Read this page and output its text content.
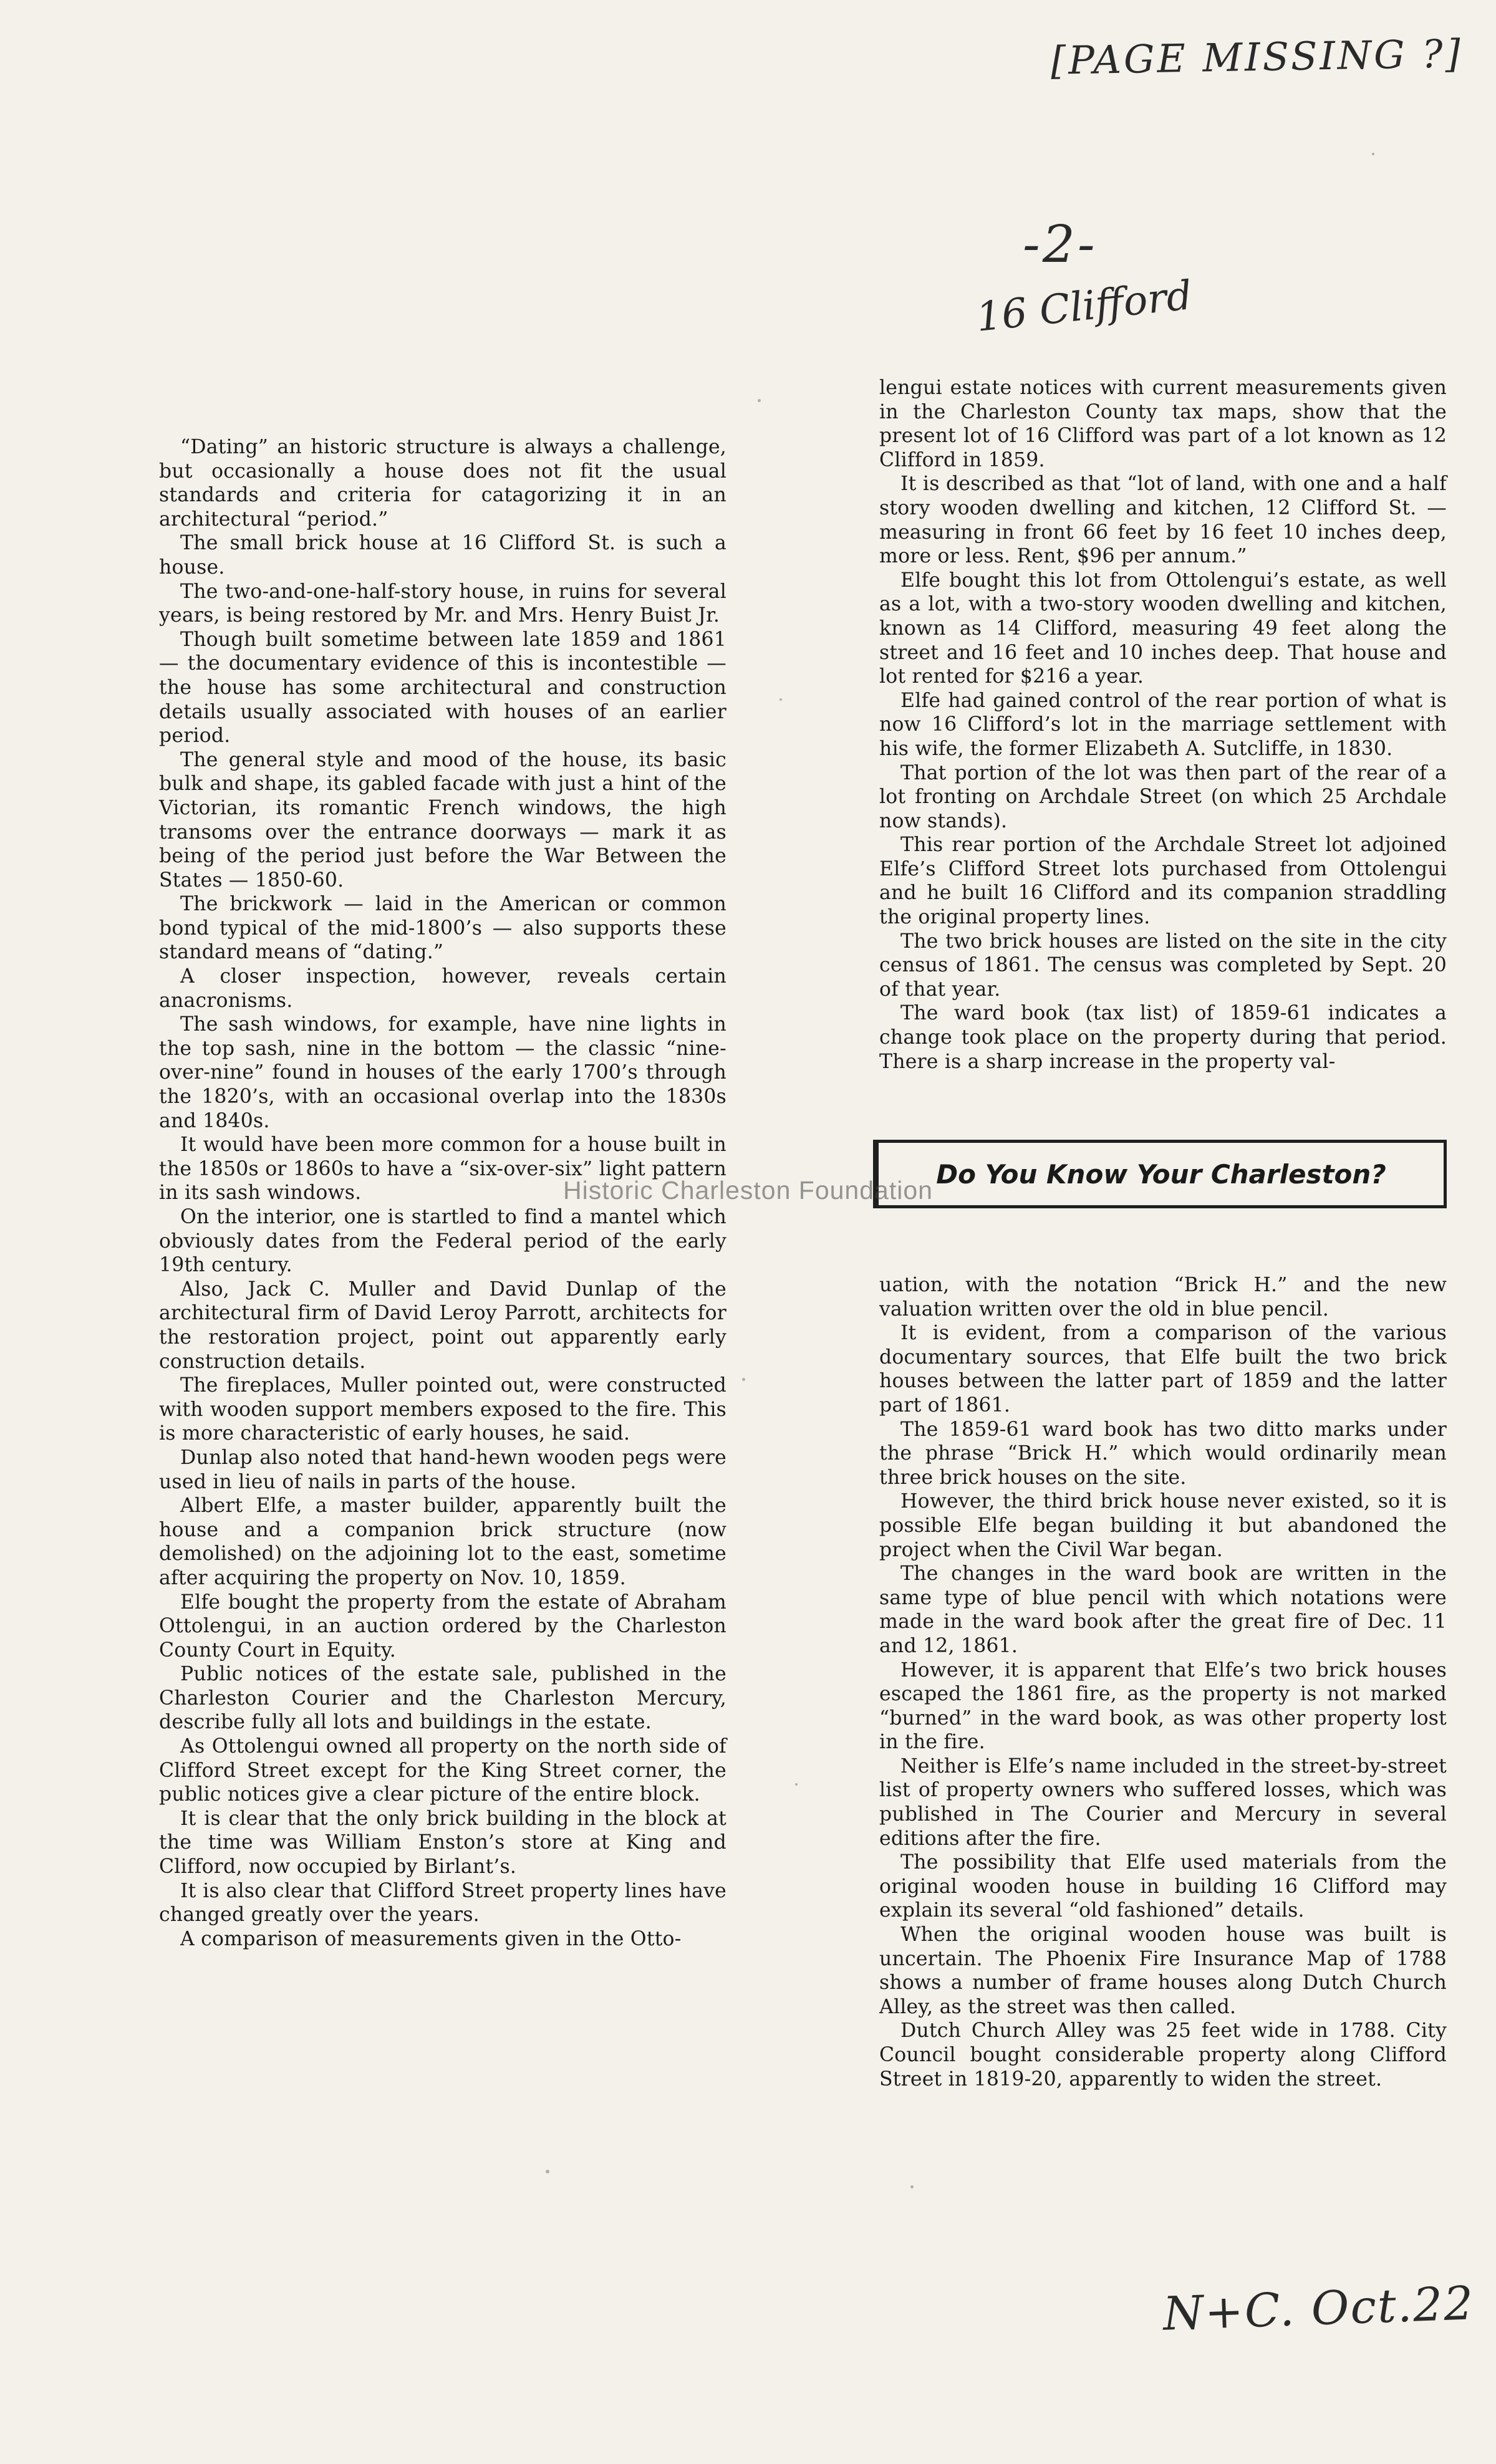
[PAGE MISSING ?]
-2-
16 Clifford
N+C. Oct.22

“Dating” an historic structure is always a challenge, but occasionally a house does not fit the usual standards and criteria for catagorizing it in an architectural “period.”

The small brick house at 16 Clifford St. is such a house.

The two-and-one-half-story house, in ruins for several years, is being restored by Mr. and Mrs. Henry Buist Jr.

Though built sometime between late 1859 and 1861 — the documentary evidence of this is incontestible — the house has some architectural and construction details usually associated with houses of an earlier period.

The general style and mood of the house, its basic bulk and shape, its gabled facade with just a hint of the Victorian, its romantic French windows, the high transoms over the entrance doorways — mark it as being of the period just before the War Between the States — 1850-60.

The brickwork — laid in the American or common bond typical of the mid-1800’s — also supports these standard means of “dating.”

A closer inspection, however, reveals certain anacronisms.

The sash windows, for example, have nine lights in the top sash, nine in the bottom — the classic “nine-over-nine” found in houses of the early 1700’s through the 1820’s, with an occasional overlap into the 1830s and 1840s.

It would have been more common for a house built in the 1850s or 1860s to have a “six-over-six” light pattern in its sash windows.

On the interior, one is startled to find a mantel which obviously dates from the Federal period of the early 19th century.

Also, Jack C. Muller and David Dunlap of the architectural firm of David Leroy Parrott, architects for the restoration project, point out apparently early construction details.

The fireplaces, Muller pointed out, were constructed with wooden support members exposed to the fire. This is more characteristic of early houses, he said.

Dunlap also noted that hand-hewn wooden pegs were used in lieu of nails in parts of the house.

Albert Elfe, a master builder, apparently built the house and a companion brick structure (now demolished) on the adjoining lot to the east, sometime after acquiring the property on Nov. 10, 1859.

Elfe bought the property from the estate of Abraham Ottolengui, in an auction ordered by the Charleston County Court in Equity.

Public notices of the estate sale, published in the Charleston Courier and the Charleston Mercury, describe fully all lots and buildings in the estate.

As Ottolengui owned all property on the north side of Clifford Street except for the King Street corner, the public notices give a clear picture of the entire block.

It is clear that the only brick building in the block at the time was William Enston’s store at King and Clifford, now occupied by Birlant’s.

It is also clear that Clifford Street property lines have changed greatly over the years.

A comparison of measurements given in the Otto-

lengui estate notices with current measurements given in the Charleston County tax maps, show that the present lot of 16 Clifford was part of a lot known as 12 Clifford in 1859.

It is described as that “lot of land, with one and a half story wooden dwelling and kitchen, 12 Clifford St. — measuring in front 66 feet by 16 feet 10 inches deep, more or less. Rent, $96 per annum.”

Elfe bought this lot from Ottolengui’s estate, as well as a lot, with a two-story wooden dwelling and kitchen, known as 14 Clifford, measuring 49 feet along the street and 16 feet and 10 inches deep. That house and lot rented for $216 a year.

Elfe had gained control of the rear portion of what is now 16 Clifford’s lot in the marriage settlement with his wife, the former Elizabeth A. Sutcliffe, in 1830.

That portion of the lot was then part of the rear of a lot fronting on Archdale Street (on which 25 Archdale now stands).

This rear portion of the Archdale Street lot adjoined Elfe’s Clifford Street lots purchased from Ottolengui and he built 16 Clifford and its companion straddling the original property lines.

The two brick houses are listed on the site in the city census of 1861. The census was completed by Sept. 20 of that year.

The ward book (tax list) of 1859-61 indicates a change took place on the property during that period. There is a sharp increase in the property val-

Do You Know Your Charleston?

uation, with the notation “Brick H.” and the new valuation written over the old in blue pencil.

It is evident, from a comparison of the various documentary sources, that Elfe built the two brick houses between the latter part of 1859 and the latter part of 1861.

The 1859-61 ward book has two ditto marks under the phrase “Brick H.” which would ordinarily mean three brick houses on the site.

However, the third brick house never existed, so it is possible Elfe began building it but abandoned the project when the Civil War began.

The changes in the ward book are written in the same type of blue pencil with which notations were made in the ward book after the great fire of Dec. 11 and 12, 1861.

However, it is apparent that Elfe’s two brick houses escaped the 1861 fire, as the property is not marked “burned” in the ward book, as was other property lost in the fire.

Neither is Elfe’s name included in the street-by-street list of property owners who suffered losses, which was published in The Courier and Mercury in several editions after the fire.

The possibility that Elfe used materials from the original wooden house in building 16 Clifford may explain its several “old fashioned” details.

When the original wooden house was built is uncertain. The Phoenix Fire Insurance Map of 1788 shows a number of frame houses along Dutch Church Alley, as the street was then called.

Dutch Church Alley was 25 feet wide in 1788. City Council bought considerable property along Clifford Street in 1819-20, apparently to widen the street.

Historic Charleston Foundation
